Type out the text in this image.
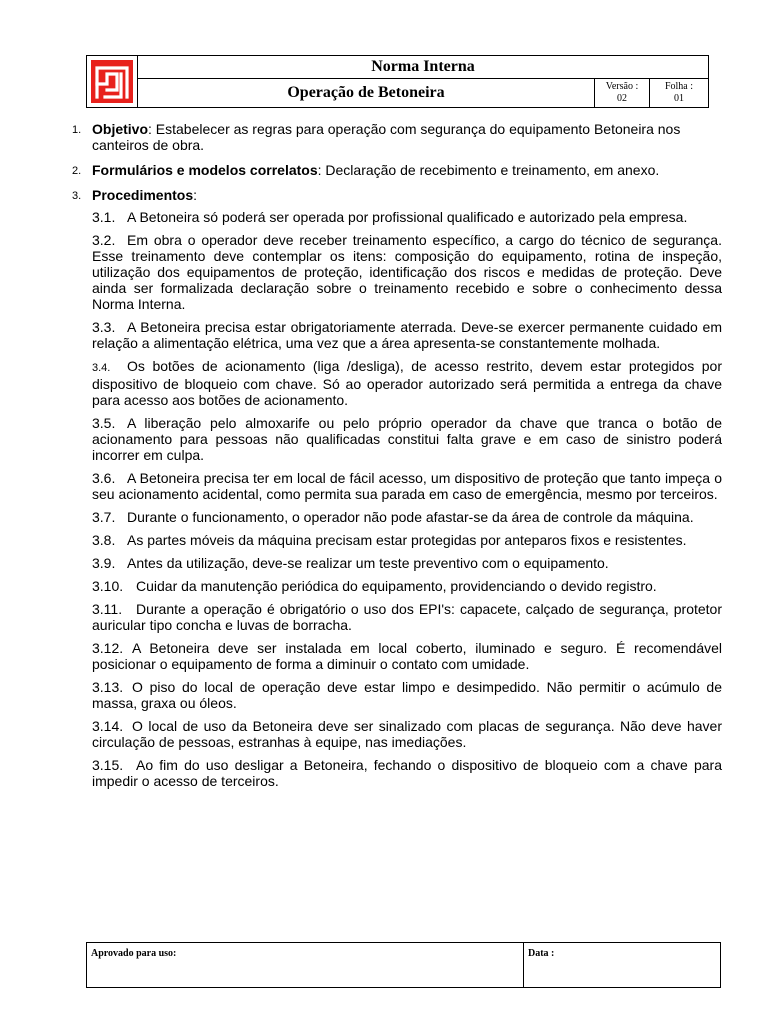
Norma Interna
Operação de Betoneira	Versão :
02
Folha :
01
1. Objetivo: Estabelecer as regras para operação com segurança do equipamento Betoneira nos canteiros de obra.
2. Formulários e modelos correlatos: Declaração de recebimento e treinamento, em anexo.
3. Procedimentos:

3.1. A Betoneira só poderá ser operada por profissional qualificado e autorizado pela empresa.

3.2. Em obra o operador deve receber treinamento específico, a cargo do técnico de segurança. Esse treinamento deve contemplar os itens: composição do equipamento, rotina de inspeção, utilização dos equipamentos de proteção, identificação dos riscos e medidas de proteção. Deve ainda ser formalizada declaração sobre o treinamento recebido e sobre o conhecimento dessa Norma Interna.

3.3. A Betoneira precisa estar obrigatoriamente aterrada. Deve-se exercer permanente cuidado em relação a alimentação elétrica, uma vez que a área apresenta-se constantemente molhada.

3.4. Os botões de acionamento (liga /desliga), de acesso restrito, devem estar protegidos por dispositivo de bloqueio com chave. Só ao operador autorizado será permitida a entrega da chave para acesso aos botões de acionamento.

3.5. A liberação pelo almoxarife ou pelo próprio operador da chave que tranca o botão de acionamento para pessoas não qualificadas constitui falta grave e em caso de sinistro poderá incorrer em culpa.

3.6. A Betoneira precisa ter em local de fácil acesso, um dispositivo de proteção que tanto impeça o seu acionamento acidental, como permita sua parada em caso de emergência, mesmo por terceiros.

3.7. Durante o funcionamento, o operador não pode afastar-se da área de controle da máquina.

3.8. As partes móveis da máquina precisam estar protegidas por anteparos fixos e resistentes.

3.9. Antes da utilização, deve-se realizar um teste preventivo com o equipamento.

3.10. Cuidar da manutenção periódica do equipamento, providenciando o devido registro.

3.11. Durante a operação é obrigatório o uso dos EPI's: capacete, calçado de segurança, protetor auricular tipo concha e luvas de borracha.

3.12. A Betoneira deve ser instalada em local coberto, iluminado e seguro. É recomendável posicionar o equipamento de forma a diminuir o contato com umidade.

3.13. O piso do local de operação deve estar limpo e desimpedido. Não permitir o acúmulo de massa, graxa ou óleos.

3.14. O local de uso da Betoneira deve ser sinalizado com placas de segurança. Não deve haver circulação de pessoas, estranhas à equipe, nas imediações.

3.15. Ao fim do uso desligar a Betoneira, fechando o dispositivo de bloqueio com a chave para impedir o acesso de terceiros.

Aprovado para uso:	Data :
